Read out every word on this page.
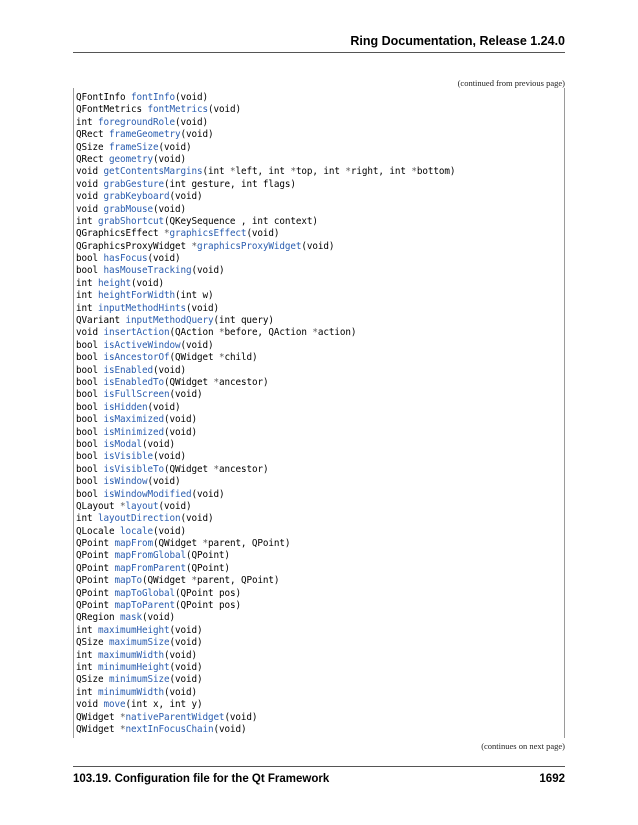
Ring Documentation, Release 1.24.0
(continued from previous page)
QFontInfo fontInfo(void)
QFontMetrics fontMetrics(void)
int foregroundRole(void)
QRect frameGeometry(void)
QSize frameSize(void)
QRect geometry(void)
void getContentsMargins(int *left, int *top, int *right, int *bottom)
void grabGesture(int gesture, int flags)
void grabKeyboard(void)
void grabMouse(void)
int grabShortcut(QKeySequence , int context)
QGraphicsEffect *graphicsEffect(void)
QGraphicsProxyWidget *graphicsProxyWidget(void)
bool hasFocus(void)
bool hasMouseTracking(void)
int height(void)
int heightForWidth(int w)
int inputMethodHints(void)
QVariant inputMethodQuery(int query)
void insertAction(QAction *before, QAction *action)
bool isActiveWindow(void)
bool isAncestorOf(QWidget *child)
bool isEnabled(void)
bool isEnabledTo(QWidget *ancestor)
bool isFullScreen(void)
bool isHidden(void)
bool isMaximized(void)
bool isMinimized(void)
bool isModal(void)
bool isVisible(void)
bool isVisibleTo(QWidget *ancestor)
bool isWindow(void)
bool isWindowModified(void)
QLayout *layout(void)
int layoutDirection(void)
QLocale locale(void)
QPoint mapFrom(QWidget *parent, QPoint)
QPoint mapFromGlobal(QPoint)
QPoint mapFromParent(QPoint)
QPoint mapTo(QWidget *parent, QPoint)
QPoint mapToGlobal(QPoint pos)
QPoint mapToParent(QPoint pos)
QRegion mask(void)
int maximumHeight(void)
QSize maximumSize(void)
int maximumWidth(void)
int minimumHeight(void)
QSize minimumSize(void)
int minimumWidth(void)
void move(int x, int y)
QWidget *nativeParentWidget(void)
QWidget *nextInFocusChain(void)
(continues on next page)
103.19. Configuration file for the Qt Framework	1692
